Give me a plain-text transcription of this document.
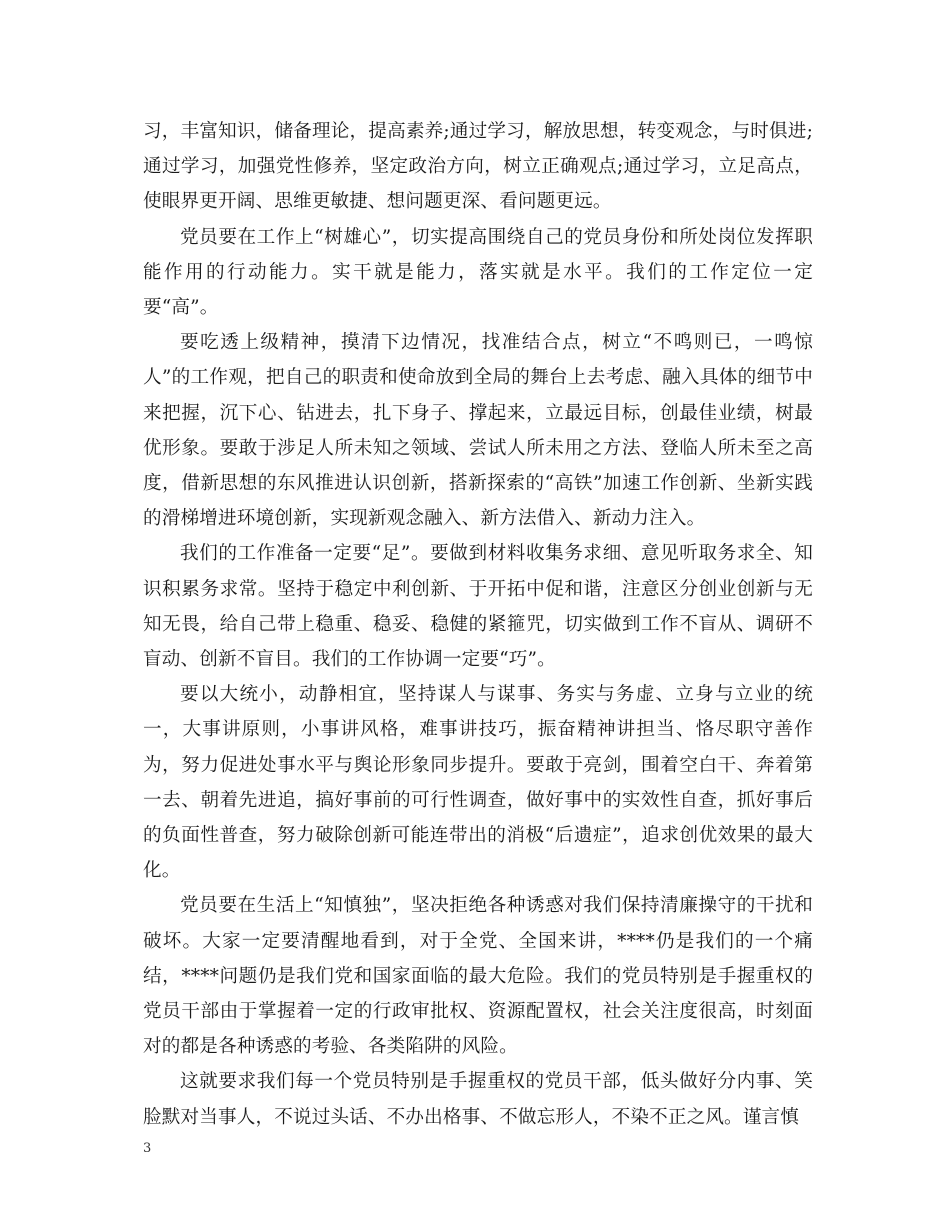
习，丰富知识，储备理论，提高素养;通过学习，解放思想，转变观念，与时俱进;通过学习，加强党性修养，坚定政治方向，树立正确观点;通过学习，立足高点，使眼界更开阔、思维更敏捷、想问题更深、看问题更远。

党员要在工作上“树雄心”，切实提高围绕自己的党员身份和所处岗位发挥职能作用的行动能力。实干就是能力，落实就是水平。我们的工作定位一定要“高”。

要吃透上级精神，摸清下边情况，找准结合点，树立“不鸣则已，一鸣惊人”的工作观，把自己的职责和使命放到全局的舞台上去考虑、融入具体的细节中来把握，沉下心、钻进去，扎下身子、撑起来，立最远目标，创最佳业绩，树最优形象。要敢于涉足人所未知之领域、尝试人所未用之方法、登临人所未至之高度，借新思想的东风推进认识创新，搭新探索的“高铁”加速工作创新、坐新实践的滑梯增进环境创新，实现新观念融入、新方法借入、新动力注入。

我们的工作准备一定要“足”。要做到材料收集务求细、意见听取务求全、知识积累务求常。坚持于稳定中利创新、于开拓中促和谐，注意区分创业创新与无知无畏，给自己带上稳重、稳妥、稳健的紧箍咒，切实做到工作不盲从、调研不盲动、创新不盲目。我们的工作协调一定要“巧”。

要以大统小，动静相宜，坚持谋人与谋事、务实与务虚、立身与立业的统一，大事讲原则，小事讲风格，难事讲技巧，振奋精神讲担当、恪尽职守善作为，努力促进处事水平与舆论形象同步提升。要敢于亮剑，围着空白干、奔着第一去、朝着先进追，搞好事前的可行性调查，做好事中的实效性自查，抓好事后的负面性普查，努力破除创新可能连带出的消极“后遗症”，追求创优效果的最大化。

党员要在生活上“知慎独”，坚决拒绝各种诱惑对我们保持清廉操守的干扰和破坏。大家一定要清醒地看到，对于全党、全国来讲，****仍是我们的一个痛结，****问题仍是我们党和国家面临的最大危险。我们的党员特别是手握重权的党员干部由于掌握着一定的行政审批权、资源配置权，社会关注度很高，时刻面对的都是各种诱惑的考验、各类陷阱的风险。

这就要求我们每一个党员特别是手握重权的党员干部，低头做好分内事、笑脸默对当事人，不说过头话、不办出格事、不做忘形人，不染不正之风。谨言慎

3
